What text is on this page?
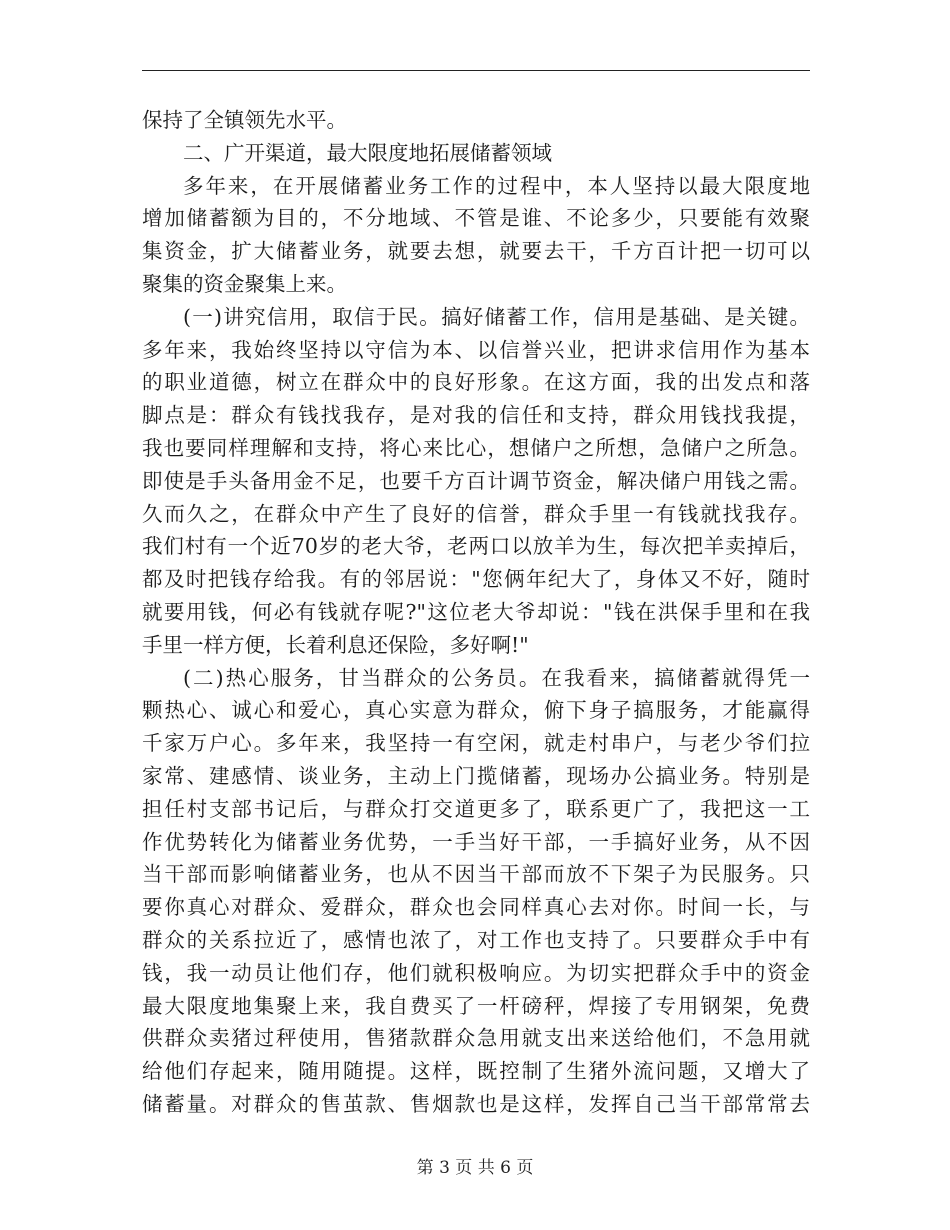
保持了全镇领先水平。
二、广开渠道，最大限度地拓展储蓄领域
多年来，在开展储蓄业务工作的过程中，本人坚持以最大限度地
增加储蓄额为目的，不分地域、不管是谁、不论多少，只要能有效聚
集资金，扩大储蓄业务，就要去想，就要去干，千方百计把一切可以
聚集的资金聚集上来。
(一)讲究信用，取信于民。搞好储蓄工作，信用是基础、是关键。
多年来，我始终坚持以守信为本、以信誉兴业，把讲求信用作为基本
的职业道德，树立在群众中的良好形象。在这方面，我的出发点和落
脚点是：群众有钱找我存，是对我的信任和支持，群众用钱找我提，
我也要同样理解和支持，将心来比心，想储户之所想，急储户之所急。
即使是手头备用金不足，也要千方百计调节资金，解决储户用钱之需。
久而久之，在群众中产生了良好的信誉，群众手里一有钱就找我存。
我们村有一个近70岁的老大爷，老两口以放羊为生，每次把羊卖掉后，
都及时把钱存给我。有的邻居说："您俩年纪大了，身体又不好，随时
就要用钱，何必有钱就存呢?"这位老大爷却说："钱在洪保手里和在我
手里一样方便，长着利息还保险，多好啊!"
(二)热心服务，甘当群众的公务员。在我看来，搞储蓄就得凭一
颗热心、诚心和爱心，真心实意为群众，俯下身子搞服务，才能赢得
千家万户心。多年来，我坚持一有空闲，就走村串户，与老少爷们拉
家常、建感情、谈业务，主动上门揽储蓄，现场办公搞业务。特别是
担任村支部书记后，与群众打交道更多了，联系更广了，我把这一工
作优势转化为储蓄业务优势，一手当好干部，一手搞好业务，从不因
当干部而影响储蓄业务，也从不因当干部而放不下架子为民服务。只
要你真心对群众、爱群众，群众也会同样真心去对你。时间一长，与
群众的关系拉近了，感情也浓了，对工作也支持了。只要群众手中有
钱，我一动员让他们存，他们就积极响应。为切实把群众手中的资金
最大限度地集聚上来，我自费买了一杆磅秤，焊接了专用钢架，免费
供群众卖猪过秤使用，售猪款群众急用就支出来送给他们，不急用就
给他们存起来，随用随提。这样，既控制了生猪外流问题，又增大了
储蓄量。对群众的售茧款、售烟款也是这样，发挥自己当干部常常去
第 3 页 共 6 页
